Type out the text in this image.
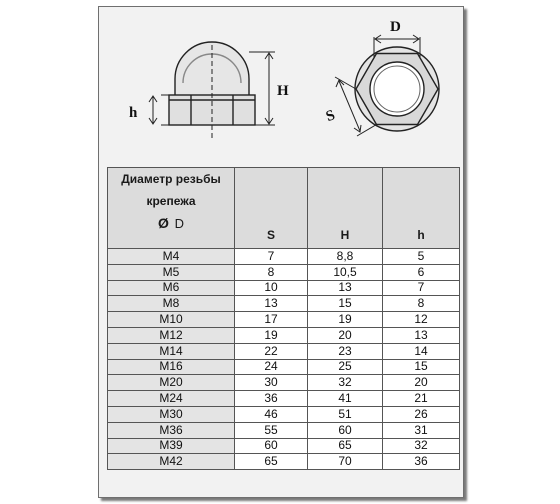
h
H
D
S
Диаметр резьбы
крепежа
Ø D	S	H	h
M4	7	8,8	5
M5	8	10,5	6
M6	10	13	7
M8	13	15	8
M10	17	19	12
M12	19	20	13
M14	22	23	14
M16	24	25	15
M20	30	32	20
M24	36	41	21
M30	46	51	26
M36	55	60	31
M39	60	65	32
M42	65	70	36
